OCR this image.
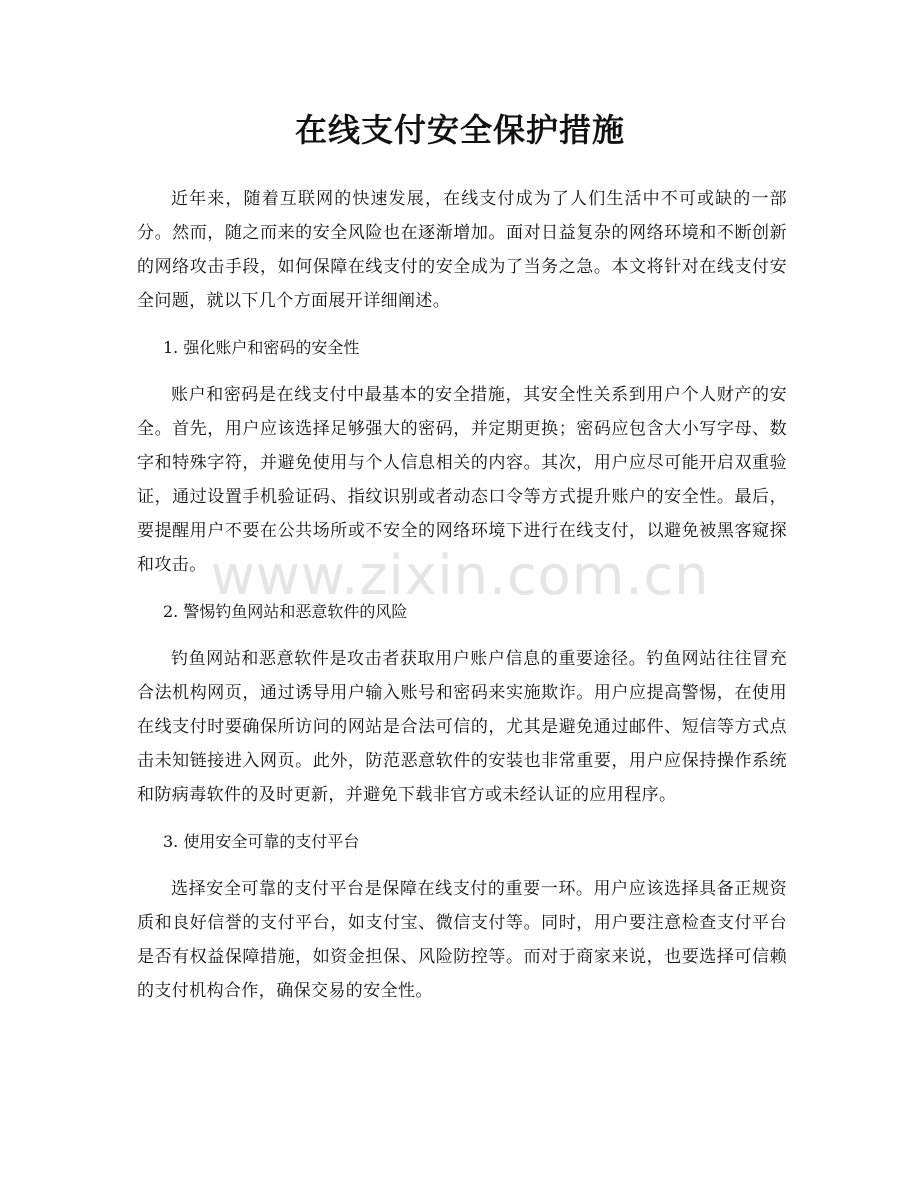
在线支付安全保护措施

近年来，随着互联网的快速发展，在线支付成为了人们生活中不可或缺的一部分。然而，随之而来的安全风险也在逐渐增加。面对日益复杂的网络环境和不断创新的网络攻击手段，如何保障在线支付的安全成为了当务之急。本文将针对在线支付安全问题，就以下几个方面展开详细阐述。

1. 强化账户和密码的安全性

账户和密码是在线支付中最基本的安全措施，其安全性关系到用户个人财产的安全。首先，用户应该选择足够强大的密码，并定期更换；密码应包含大小写字母、数字和特殊字符，并避免使用与个人信息相关的内容。其次，用户应尽可能开启双重验证，通过设置手机验证码、指纹识别或者动态口令等方式提升账户的安全性。最后，要提醒用户不要在公共场所或不安全的网络环境下进行在线支付，以避免被黑客窥探和攻击。

2. 警惕钓鱼网站和恶意软件的风险

钓鱼网站和恶意软件是攻击者获取用户账户信息的重要途径。钓鱼网站往往冒充合法机构网页，通过诱导用户输入账号和密码来实施欺诈。用户应提高警惕，在使用在线支付时要确保所访问的网站是合法可信的，尤其是避免通过邮件、短信等方式点击未知链接进入网页。此外，防范恶意软件的安装也非常重要，用户应保持操作系统和防病毒软件的及时更新，并避免下载非官方或未经认证的应用程序。

3. 使用安全可靠的支付平台

选择安全可靠的支付平台是保障在线支付的重要一环。用户应该选择具备正规资质和良好信誉的支付平台，如支付宝、微信支付等。同时，用户要注意检查支付平台是否有权益保障措施，如资金担保、风险防控等。而对于商家来说，也要选择可信赖的支付机构合作，确保交易的安全性。

www.zixin.com.cn
